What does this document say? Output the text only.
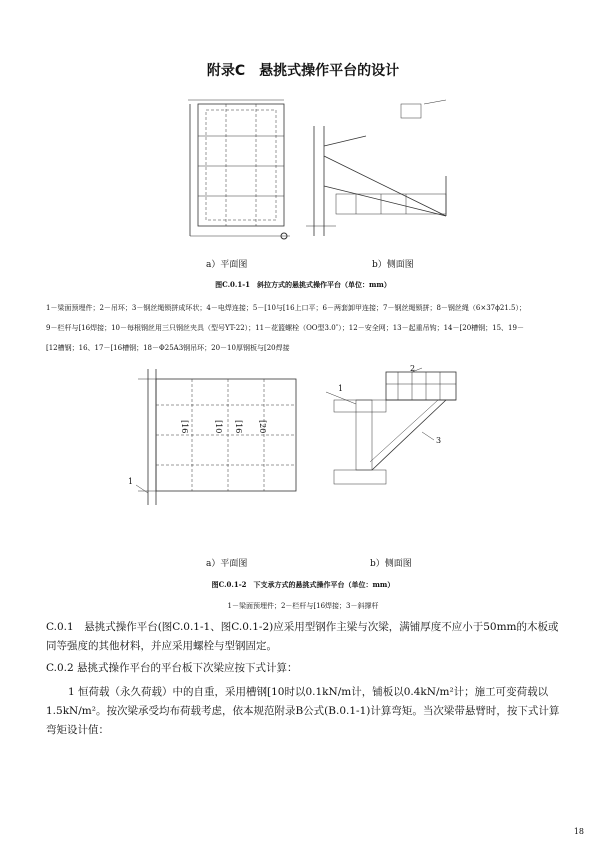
附录C　悬挑式操作平台的设计
a）平面图	b）侧面图
图C.0.1-1　斜拉方式的悬挑式操作平台（单位：mm）
1－梁面预埋件；2－吊环；3－钢丝绳锁拼成环状；4－电焊连接；5－[10与[16上口平；6－两套卸甲连接；7－钢丝绳锁拼；8－钢丝绳（6×37ϕ21.5）；
9－栏杆与[16焊接；10－每根钢丝用三只钢丝夹具（型号YT-22）；11－花篮螺栓（OO型3.0″）；12－安全网；13－起重吊钩；14－[20槽钢；15、19－
[12槽钢；16、17－[16槽钢；18－Φ25A3钢吊环；20－10厚钢板与[20焊接
[16	[10 [16 [20
1
a）平面图
1
2
3
b）侧面图
图C.0.1-2　下支承方式的悬挑式操作平台（单位：mm）
1－梁面预埋件；2－栏杆与[16焊接；3－斜撑杆
C.0.1　悬挑式操作平台(图C.0.1-1、图C.0.1-2)应采用型钢作主梁与次梁，满铺厚度不应小于50mm的木板或同等强度的其他材料，并应采用螺栓与型钢固定。
C.0.2 悬挑式操作平台的平台板下次梁应按下式计算：
1 恒荷载（永久荷载）中的自重，采用槽钢[10时以0.1kN/m计，铺板以0.4kN/m²计；施工可变荷载以1.5kN/m²。按次梁承受均布荷载考虑，依本规范附录B公式(B.0.1-1)计算弯矩。当次梁带悬臂时，按下式计算弯矩设计值：
18
